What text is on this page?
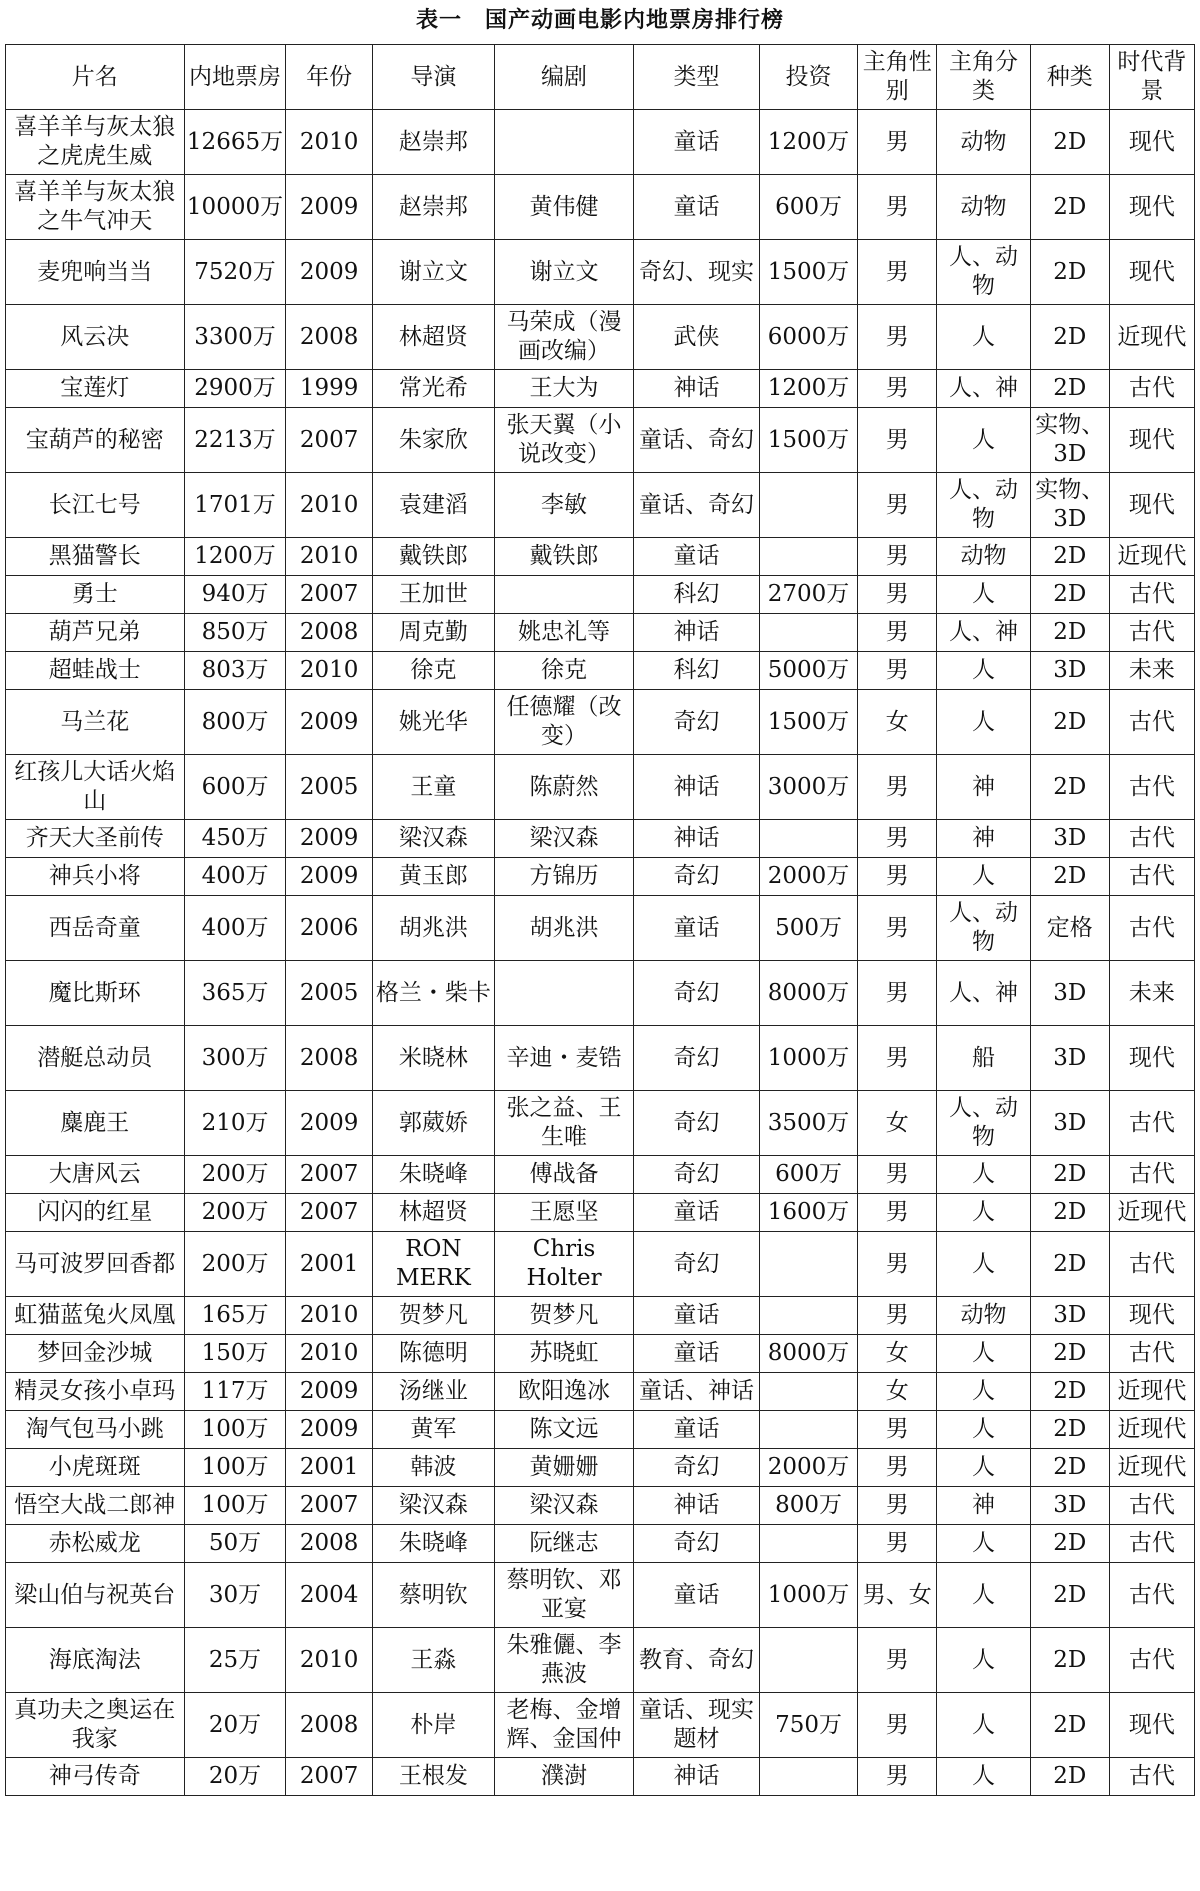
表一　国产动画电影内地票房排行榜
片名	内地票房	年份	导演	编剧	类型	投资	主角性别	主角分类	种类	时代背景
喜羊羊与灰太狼之虎虎生威	12665万	2010	赵崇邦		童话	1200万	男	动物	2D	现代
喜羊羊与灰太狼之牛气冲天	10000万	2009	赵崇邦	黄伟健	童话	600万	男	动物	2D	现代
麦兜响当当	7520万	2009	谢立文	谢立文	奇幻、现实	1500万	男	人、动物	2D	现代
风云决	3300万	2008	林超贤	马荣成（漫画改编）	武侠	6000万	男	人	2D	近现代
宝莲灯	2900万	1999	常光希	王大为	神话	1200万	男	人、神	2D	古代
宝葫芦的秘密	2213万	2007	朱家欣	张天翼（小说改变）	童话、奇幻	1500万	男	人	实物、3D	现代
长江七号	1701万	2010	袁建滔	李敏	童话、奇幻		男	人、动物	实物、3D	现代
黑猫警长	1200万	2010	戴铁郎	戴铁郎	童话		男	动物	2D	近现代
勇士	940万	2007	王加世		科幻	2700万	男	人	2D	古代
葫芦兄弟	850万	2008	周克勤	姚忠礼等	神话		男	人、神	2D	古代
超蛙战士	803万	2010	徐克	徐克	科幻	5000万	男	人	3D	未来
马兰花	800万	2009	姚光华	任德耀（改变）	奇幻	1500万	女	人	2D	古代
红孩儿大话火焰山	600万	2005	王童	陈蔚然	神话	3000万	男	神	2D	古代
齐天大圣前传	450万	2009	梁汉森	梁汉森	神话		男	神	3D	古代
神兵小将	400万	2009	黄玉郎	方锦历	奇幻	2000万	男	人	2D	古代
西岳奇童	400万	2006	胡兆洪	胡兆洪	童话	500万	男	人、动物	定格	古代
魔比斯环	365万	2005	格兰・柴卡		奇幻	8000万	男	人、神	3D	未来
潜艇总动员	300万	2008	米晓林	辛迪・麦锆	奇幻	1000万	男	船	3D	现代
麋鹿王	210万	2009	郭葳娇	张之益、王生唯	奇幻	3500万	女	人、动物	3D	古代
大唐风云	200万	2007	朱晓峰	傅战备	奇幻	600万	男	人	2D	古代
闪闪的红星	200万	2007	林超贤	王愿坚	童话	1600万	男	人	2D	近现代
马可波罗回香都	200万	2001	RON MERK	Chris Holter	奇幻		男	人	2D	古代
虹猫蓝兔火凤凰	165万	2010	贺梦凡	贺梦凡	童话		男	动物	3D	现代
梦回金沙城	150万	2010	陈德明	苏晓虹	童话	8000万	女	人	2D	古代
精灵女孩小卓玛	117万	2009	汤继业	欧阳逸冰	童话、神话		女	人	2D	近现代
淘气包马小跳	100万	2009	黄军	陈文远	童话		男	人	2D	近现代
小虎斑斑	100万	2001	韩波	黄姗姗	奇幻	2000万	男	人	2D	近现代
悟空大战二郎神	100万	2007	梁汉森	梁汉森	神话	800万	男	神	3D	古代
赤松威龙	50万	2008	朱晓峰	阮继志	奇幻		男	人	2D	古代
梁山伯与祝英台	30万	2004	蔡明钦	蔡明钦、邓亚宴	童话	1000万	男、女	人	2D	古代
海底淘法	25万	2010	王淼	朱雅儷、李燕波	教育、奇幻		男	人	2D	古代
真功夫之奥运在我家	20万	2008	朴岸	老梅、金增辉、金国仲	童话、现实题材	750万	男	人	2D	现代
神弓传奇	20万	2007	王根发	濮澍	神话		男	人	2D	古代
